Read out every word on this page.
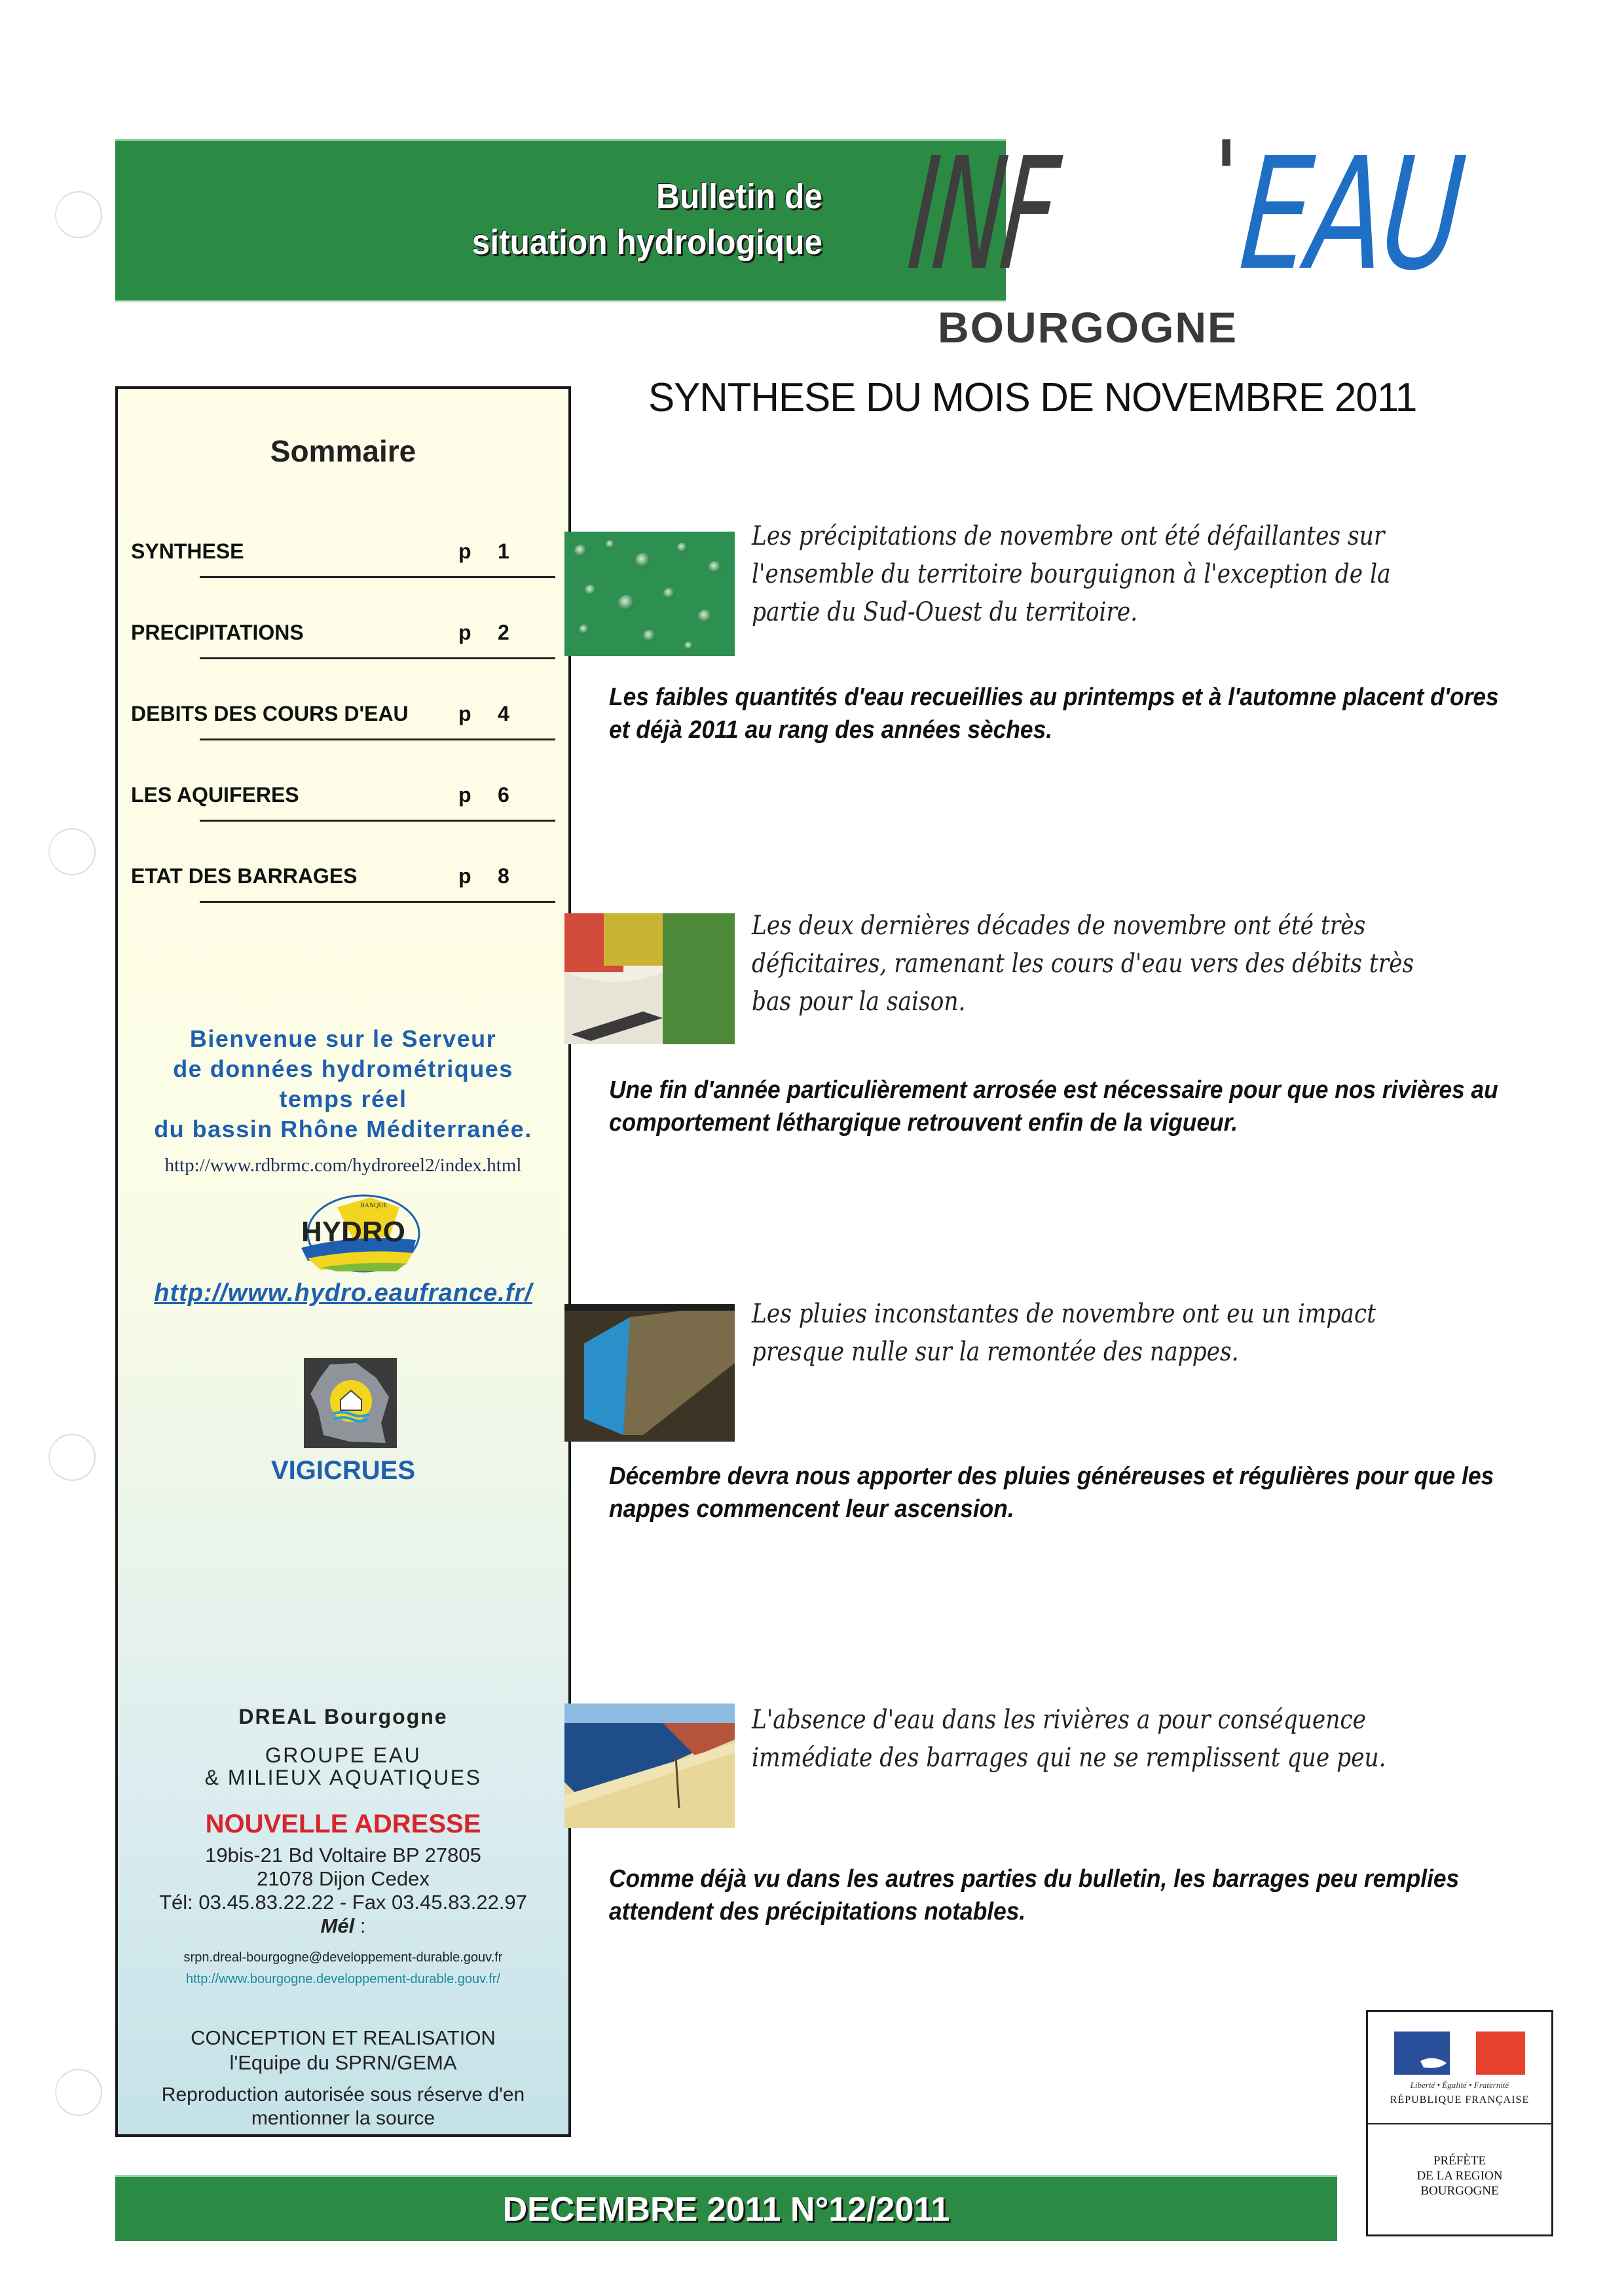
Bulletin de
situation hydrologique INF '
EAU
BOURGOGNE
SYNTHESE DU MOIS DE NOVEMBRE 2011
Sommaire
SYNTHESE	p 1
PRECIPITATIONS	p 2
DEBITS DES COURS D'EAU p 4
LES AQUIFERES	p 6
ETAT DES BARRAGES	p 8
Bienvenue sur le Serveur
de données hydrométriques
temps réel
du bassin Rhône Méditerranée.
http://www.rdbrmc.com/hydroreel2/index.html
BANQUE
HYDRO
http://www.hydro.eaufrance.fr/
VIGICRUES
DREAL Bourgogne
GROUPE EAU
& MILIEUX AQUATIQUES
NOUVELLE ADRESSE
19bis-21 Bd Voltaire BP 27805
21078 Dijon Cedex
Tél: 03.45.83.22.22 - Fax 03.45.83.22.97
Mél :
srpn.dreal-bourgogne@developpement-durable.gouv.fr
http://www.bourgogne.developpement-durable.gouv.fr/
CONCEPTION ET REALISATION
l'Equipe du SPRN/GEMA
Reproduction autorisée sous réserve d'en
mentionner la source
Les précipitations de novembre ont été défaillantes sur l'ensemble du territoire bourguignon à l'exception de la partie du Sud-Ouest du territoire.
Les faibles quantités d'eau recueillies au printemps et à l'automne placent d'ores et déjà 2011 au rang des années sèches.
Les deux dernières décades de novembre ont été très déficitaires, ramenant les cours d'eau vers des débits très bas pour la saison.
Une fin d'année particulièrement arrosée est nécessaire pour que nos rivières au comportement léthargique retrouvent enfin de la vigueur.
Les pluies inconstantes de novembre ont eu un impact presque nulle sur la remontée des nappes.
Décembre devra nous apporter des pluies généreuses et régulières pour que les nappes commencent leur ascension.
L'absence d'eau dans les rivières a pour conséquence immédiate des barrages qui ne se remplissent que peu.
Comme déjà vu dans les autres parties du bulletin, les barrages peu remplies attendent des précipitations notables.
Liberté • Égalité • Fraternité
RÉPUBLIQUE FRANÇAISE
PRÉFÈTE
DE LA REGION
BOURGOGNE
DECEMBRE 2011 N°12/2011
